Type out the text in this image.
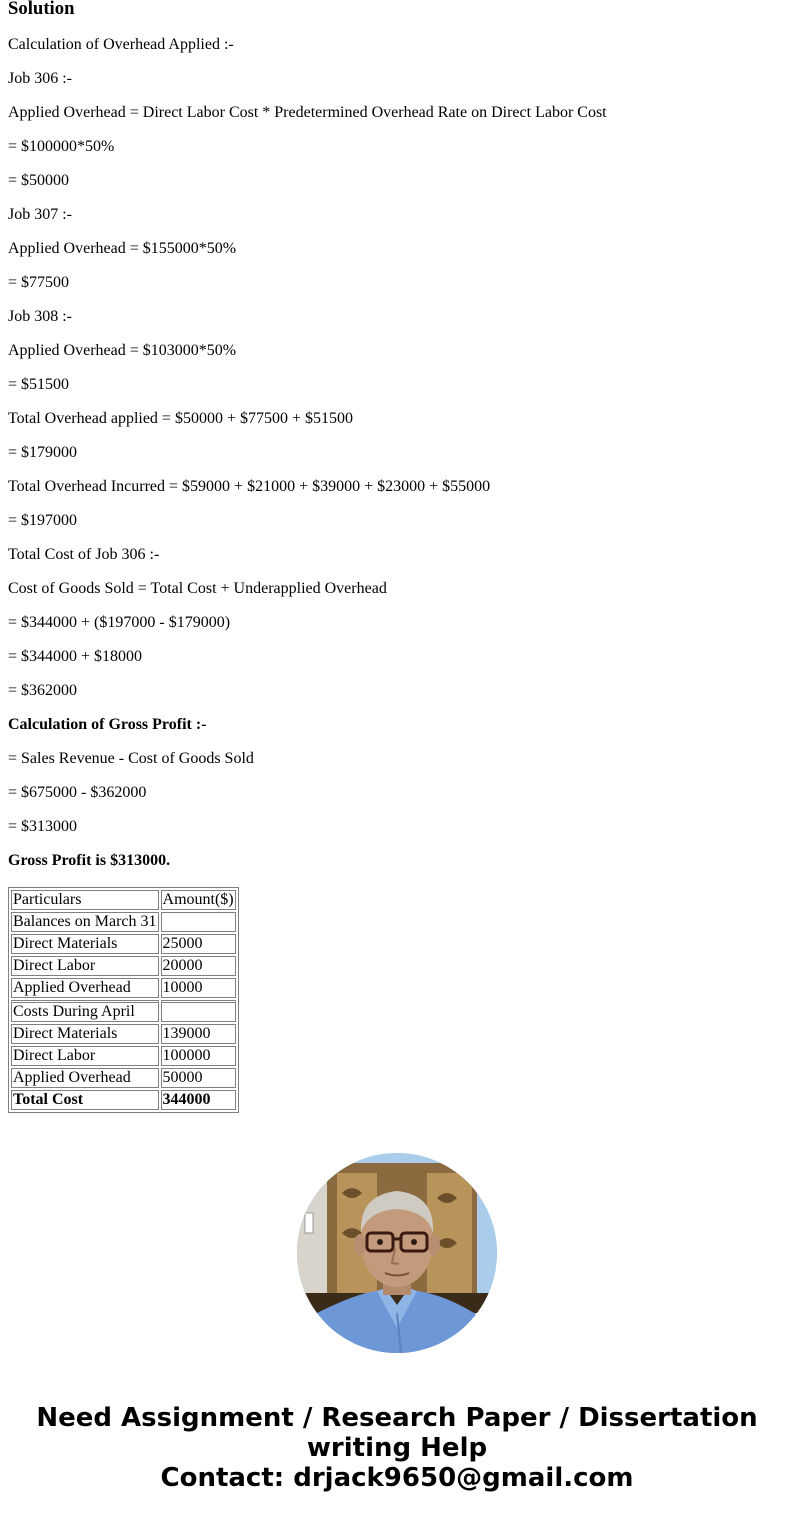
Solution

Calculation of Overhead Applied :-

Job 306 :-

Applied Overhead = Direct Labor Cost * Predetermined Overhead Rate on Direct Labor Cost

= $100000*50%

= $50000

Job 307 :-

Applied Overhead = $155000*50%

= $77500

Job 308 :-

Applied Overhead = $103000*50%

= $51500

Total Overhead applied = $50000 + $77500 + $51500

= $179000

Total Overhead Incurred = $59000 + $21000 + $39000 + $23000 + $55000

= $197000

Total Cost of Job 306 :-

Cost of Goods Sold = Total Cost + Underapplied Overhead

= $344000 + ($197000 - $179000)

= $344000 + $18000

= $362000

Calculation of Gross Profit :-

= Sales Revenue - Cost of Goods Sold

= $675000 - $362000

= $313000

Gross Profit is $313000.

Particulars	Amount($)
Balances on March 31	
Direct Materials	25000
Direct Labor	20000
Applied Overhead	10000
Costs During April	
Direct Materials	139000
Direct Labor	100000
Applied Overhead	50000
Total Cost	344000
Need Assignment / Research Paper / Dissertation
writing Help
Contact: drjack9650@gmail.com
